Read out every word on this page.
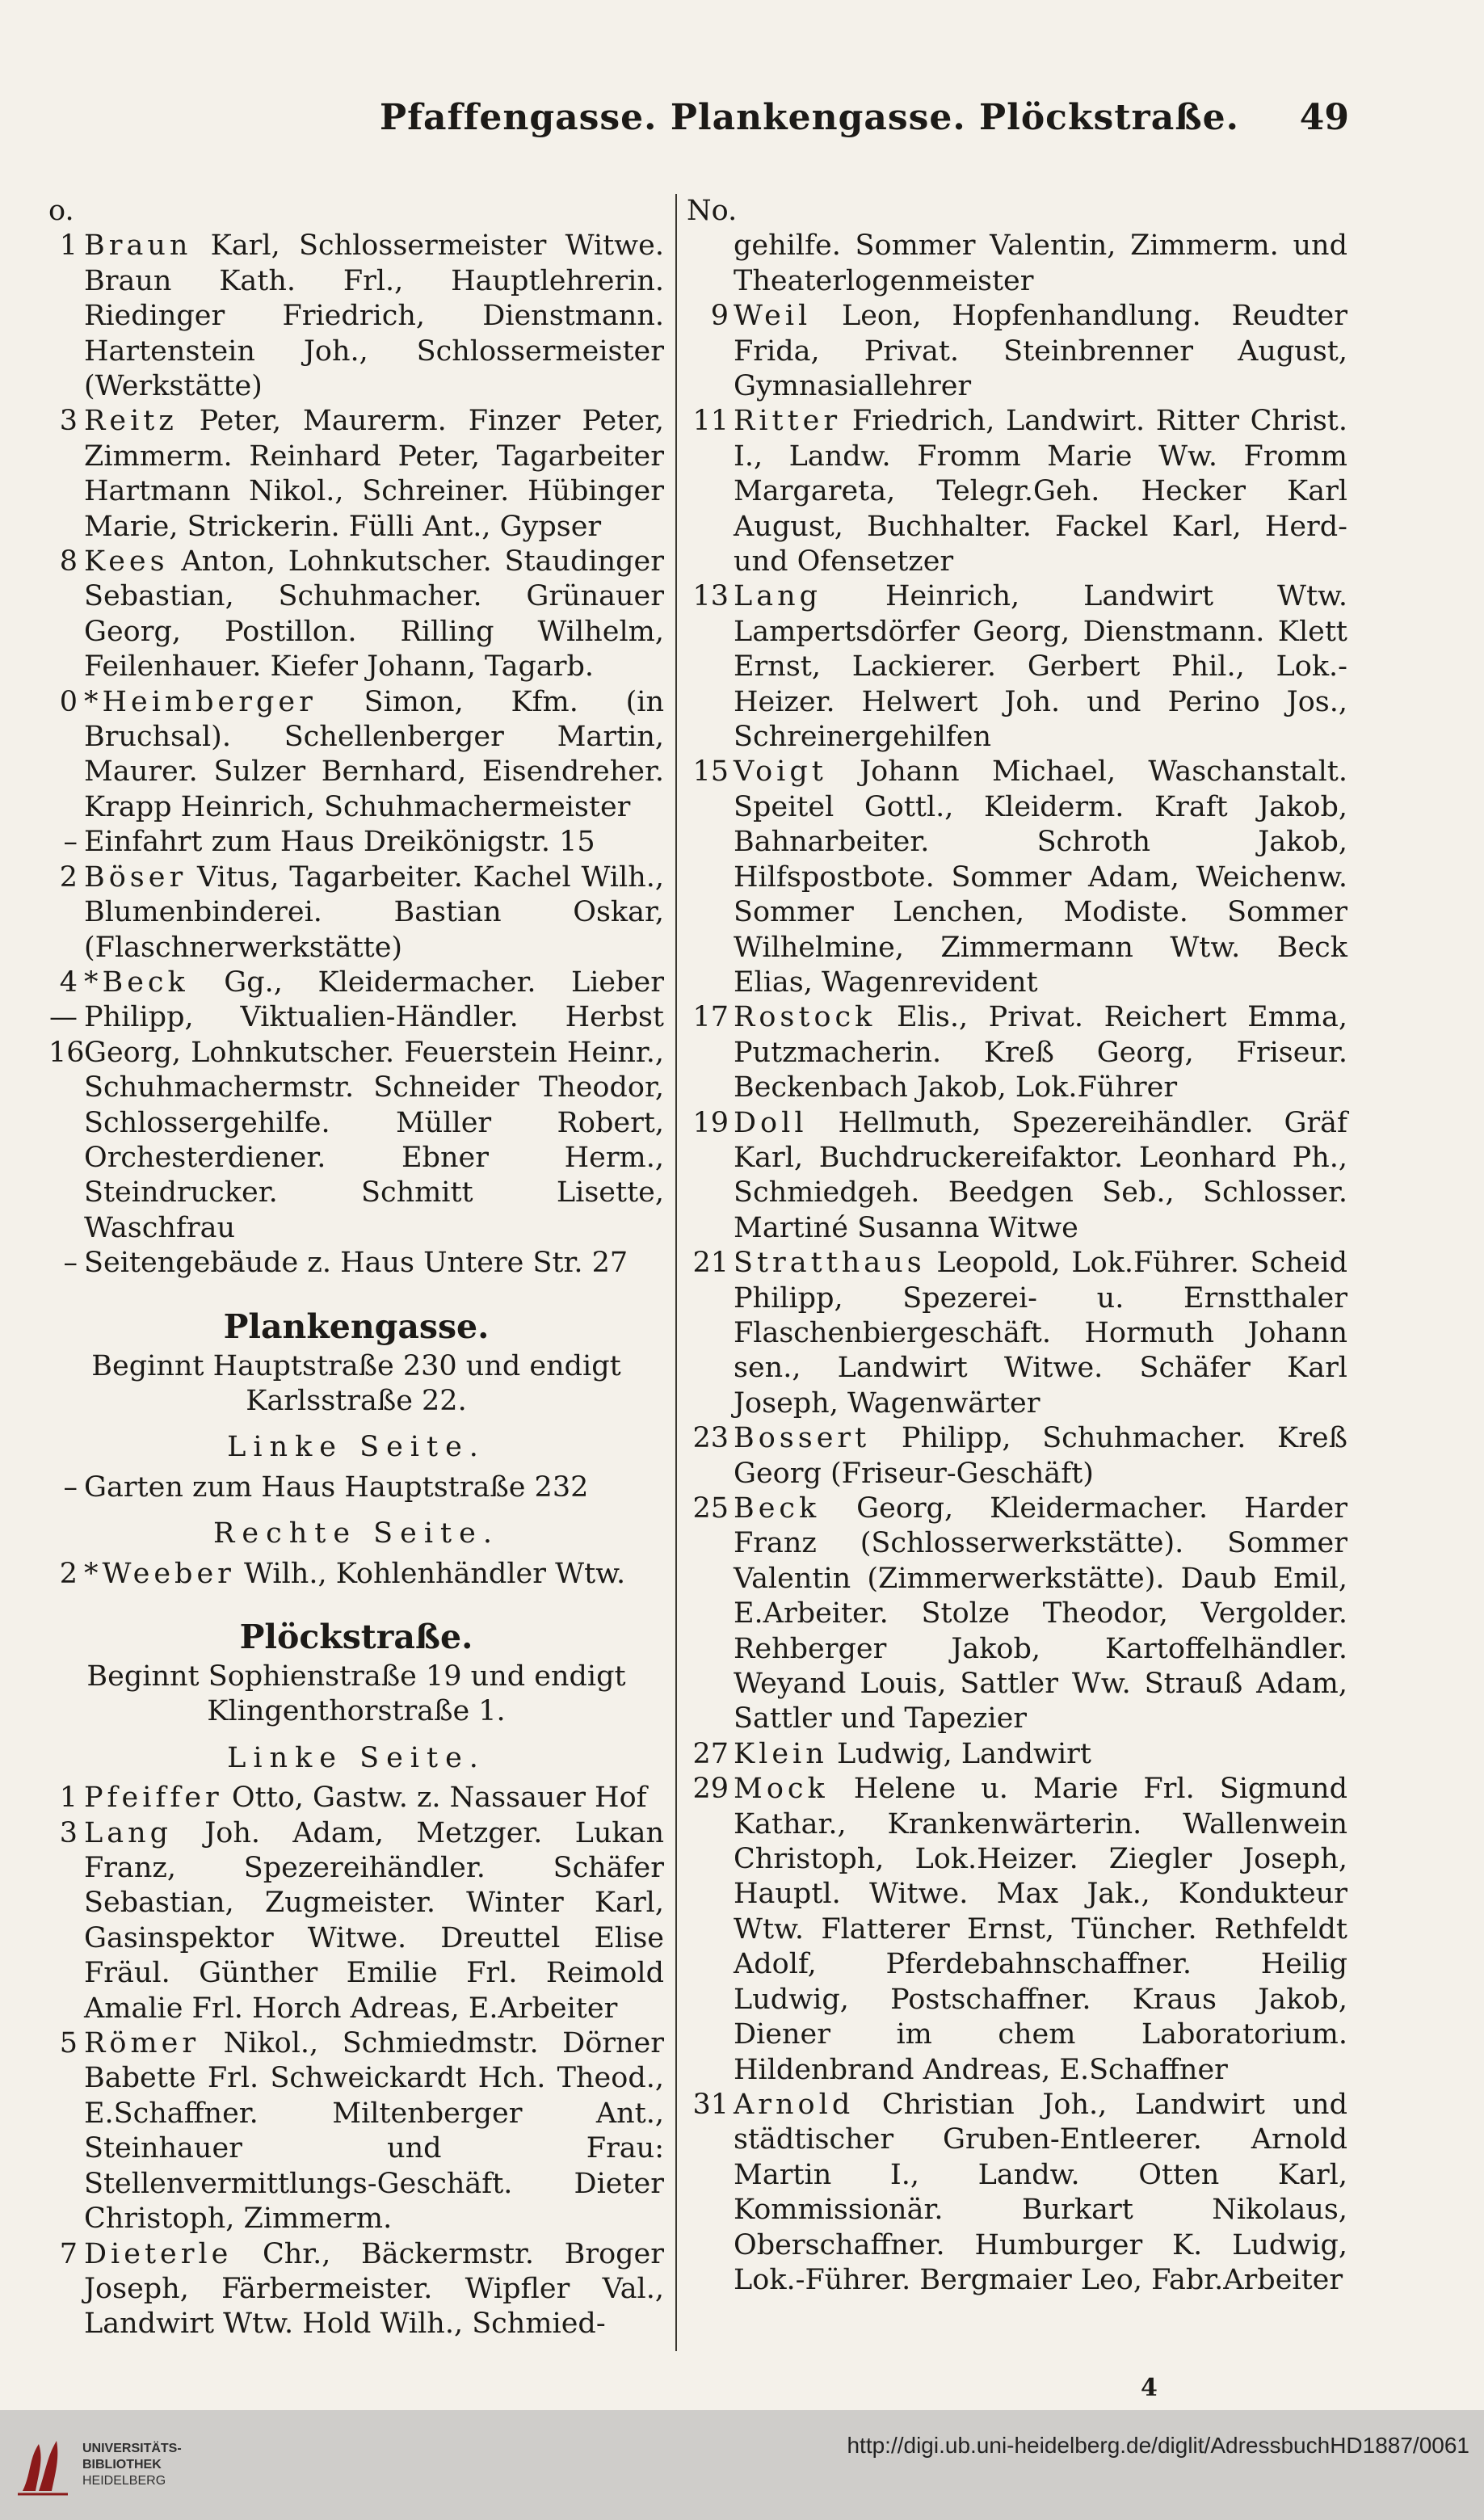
Pfaffengasse. Plankengasse. Plöckstraße. 49
o.
1 Braun Karl, Schlossermeister Witwe. Braun Kath. Frl., Hauptlehrerin. Riedinger Friedrich, Dienstmann. Hartenstein Joh., Schlossermeister (Werkstätte)
3 Reitz Peter, Maurerm. Finzer Peter, Zimmerm. Reinhard Peter, Tagarbeiter Hartmann Nikol., Schreiner. Hübinger Marie, Strickerin. Fülli Ant., Gypser
8 Kees Anton, Lohnkutscher. Staudinger Sebastian, Schuhmacher. Grünauer Georg, Postillon. Rilling Wilhelm, Feilenhauer. Kiefer Johann, Tagarb.
0 *Heimberger Simon, Kfm. (in Bruchsal). Schellenberger Martin, Maurer. Sulzer Bernhard, Eisendreher. Krapp Heinrich, Schuhmachermeister
– Einfahrt zum Haus Dreikönigstr. 15
2 Böser Vitus, Tagarbeiter. Kachel Wilh., Blumenbinderei. Bastian Oskar, (Flaschnerwerkstätte)
4—16
*Beck Gg., Kleidermacher. Lieber Philipp, Viktualien-Händler. Herbst Georg, Lohnkutscher. Feuerstein Heinr., Schuhmachermstr. Schneider Theodor, Schlossergehilfe. Müller Robert, Orchesterdiener. Ebner Herm., Steindrucker. Schmitt Lisette, Waschfrau
– Seitengebäude z. Haus Untere Str. 27
Plankengasse.
Beginnt Hauptstraße 230 und endigt Karlsstraße 22.
Linke Seite.
– Garten zum Haus Hauptstraße 232
Rechte Seite.
2 *Weeber Wilh., Kohlenhändler Wtw.
Plöckstraße.
Beginnt Sophienstraße 19 und endigt Klingenthorstraße 1.
Linke Seite.
1 Pfeiffer Otto, Gastw. z. Nassauer Hof
3 Lang Joh. Adam, Metzger. Lukan Franz, Spezereihändler. Schäfer Sebastian, Zugmeister. Winter Karl, Gasinspektor Witwe. Dreuttel Elise Fräul. Günther Emilie Frl. Reimold Amalie Frl. Horch Adreas, E.Arbeiter
5 Römer Nikol., Schmiedmstr. Dörner Babette Frl. Schweickardt Hch. Theod., E.Schaffner. Miltenberger Ant., Steinhauer und Frau: Stellenvermittlungs-Geschäft. Dieter Christoph, Zimmerm.
7 Dieterle Chr., Bäckermstr. Broger Joseph, Färbermeister. Wipfler Val., Landwirt Wtw. Hold Wilh., Schmied-
No.
gehilfe. Sommer Valentin, Zimmerm. und Theaterlogenmeister
9 Weil Leon, Hopfenhandlung. Reudter Frida, Privat. Steinbrenner August, Gymnasiallehrer
11 Ritter Friedrich, Landwirt. Ritter Christ. I., Landw. Fromm Marie Ww. Fromm Margareta, Telegr.Geh. Hecker Karl August, Buchhalter. Fackel Karl, Herd- und Ofensetzer
13 Lang Heinrich, Landwirt Wtw. Lampertsdörfer Georg, Dienstmann. Klett Ernst, Lackierer. Gerbert Phil., Lok.-Heizer. Helwert Joh. und Perino Jos., Schreinergehilfen
15 Voigt Johann Michael, Waschanstalt. Speitel Gottl., Kleiderm. Kraft Jakob, Bahnarbeiter. Schroth Jakob, Hilfspostbote. Sommer Adam, Weichenw. Sommer Lenchen, Modiste. Sommer Wilhelmine, Zimmermann Wtw. Beck Elias, Wagenrevident
17 Rostock Elis., Privat. Reichert Emma, Putzmacherin. Kreß Georg, Friseur. Beckenbach Jakob, Lok.Führer
19 Doll Hellmuth, Spezereihändler. Gräf Karl, Buchdruckereifaktor. Leonhard Ph., Schmiedgeh. Beedgen Seb., Schlosser. Martiné Susanna Witwe
21 Stratthaus Leopold, Lok.Führer. Scheid Philipp, Spezerei- u. Ernstthaler Flaschenbiergeschäft. Hormuth Johann sen., Landwirt Witwe. Schäfer Karl Joseph, Wagenwärter
23 Bossert Philipp, Schuhmacher. Kreß Georg (Friseur-Geschäft)
25 Beck Georg, Kleidermacher. Harder Franz (Schlosserwerkstätte). Sommer Valentin (Zimmerwerkstätte). Daub Emil, E.Arbeiter. Stolze Theodor, Vergolder. Rehberger Jakob, Kartoffelhändler. Weyand Louis, Sattler Ww. Strauß Adam, Sattler und Tapezier
27 Klein Ludwig, Landwirt
29 Mock Helene u. Marie Frl. Sigmund Kathar., Krankenwärterin. Wallenwein Christoph, Lok.Heizer. Ziegler Joseph, Hauptl. Witwe. Max Jak., Kondukteur Wtw. Flatterer Ernst, Tüncher. Rethfeldt Adolf, Pferdebahnschaffner. Heilig Ludwig, Postschaffner. Kraus Jakob, Diener im chem Laboratorium. Hildenbrand Andreas, E.Schaffner
31 Arnold Christian Joh., Landwirt und städtischer Gruben-Entleerer. Arnold Martin I., Landw. Otten Karl, Kommissionär. Burkart Nikolaus, Oberschaffner. Humburger K. Ludwig, Lok.-Führer. Bergmaier Leo, Fabr.Arbeiter
4
UNIVERSITÄTS-
BIBLIOTHEK
HEIDELBERG
http://digi.ub.uni-heidelberg.de/diglit/AdressbuchHD1887/0061
